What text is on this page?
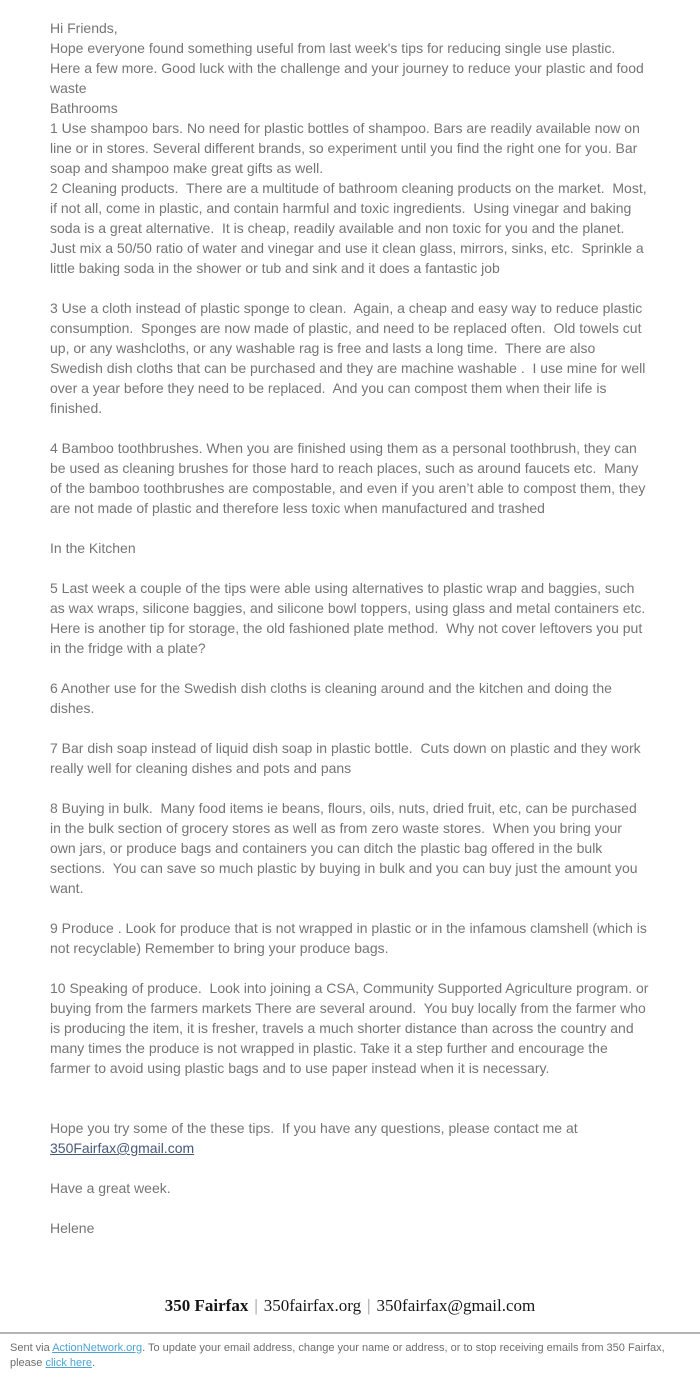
Hi Friends,
Hope everyone found something useful from last week's tips for reducing single use plastic.
Here a few more. Good luck with the challenge and your journey to reduce your plastic and food waste
Bathrooms
1 Use shampoo bars. No need for plastic bottles of shampoo. Bars are readily available now on line or in stores. Several different brands, so experiment until you find the right one for you. Bar soap and shampoo make great gifts as well.
2 Cleaning products.  There are a multitude of bathroom cleaning products on the market.  Most, if not all, come in plastic, and contain harmful and toxic ingredients.  Using vinegar and baking soda is a great alternative.  It is cheap, readily available and non toxic for you and the planet.   Just mix a 50/50 ratio of water and vinegar and use it clean glass, mirrors, sinks, etc.  Sprinkle a little baking soda in the shower or tub and sink and it does a fantastic job
3 Use a cloth instead of plastic sponge to clean.  Again, a cheap and easy way to reduce plastic consumption.  Sponges are now made of plastic, and need to be replaced often.  Old towels cut up, or any washcloths, or any washable rag is free and lasts a long time.  There are also Swedish dish cloths that can be purchased and they are machine washable .  I use mine for well over a year before they need to be replaced.  And you can compost them when their life is finished.
4 Bamboo toothbrushes. When you are finished using them as a personal toothbrush, they can be used as cleaning brushes for those hard to reach places, such as around faucets etc.  Many of the bamboo toothbrushes are compostable, and even if you aren’t able to compost them, they are not made of plastic and therefore less toxic when manufactured and trashed
In the Kitchen
5 Last week a couple of the tips were able using alternatives to plastic wrap and baggies, such as wax wraps, silicone baggies, and silicone bowl toppers, using glass and metal containers etc.   Here is another tip for storage, the old fashioned plate method.  Why not cover leftovers you put in the fridge with a plate?
6 Another use for the Swedish dish cloths is cleaning around and the kitchen and doing the dishes.
7 Bar dish soap instead of liquid dish soap in plastic bottle.  Cuts down on plastic and they work really well for cleaning dishes and pots and pans
8 Buying in bulk.  Many food items ie beans, flours, oils, nuts, dried fruit, etc, can be purchased in the bulk section of grocery stores as well as from zero waste stores.  When you bring your own jars, or produce bags and containers you can ditch the plastic bag offered in the bulk sections.  You can save so much plastic by buying in bulk and you can buy just the amount you want.
9 Produce . Look for produce that is not wrapped in plastic or in the infamous clamshell (which is not recyclable) Remember to bring your produce bags.
10 Speaking of produce.  Look into joining a CSA, Community Supported Agriculture program. or buying from the farmers markets There are several around.  You buy locally from the farmer who is producing the item, it is fresher, travels a much shorter distance than across the country and many times the produce is not wrapped in plastic. Take it a step further and encourage the farmer to avoid using plastic bags and to use paper instead when it is necessary.
Hope you try some of the these tips.  If you have any questions, please contact me at 350Fairfax@gmail.com
Have a great week.
Helene
350 Fairfax | 350fairfax.org | 350fairfax@gmail.com
Sent via ActionNetwork.org. To update your email address, change your name or address, or to stop receiving emails from 350 Fairfax, please click here.
